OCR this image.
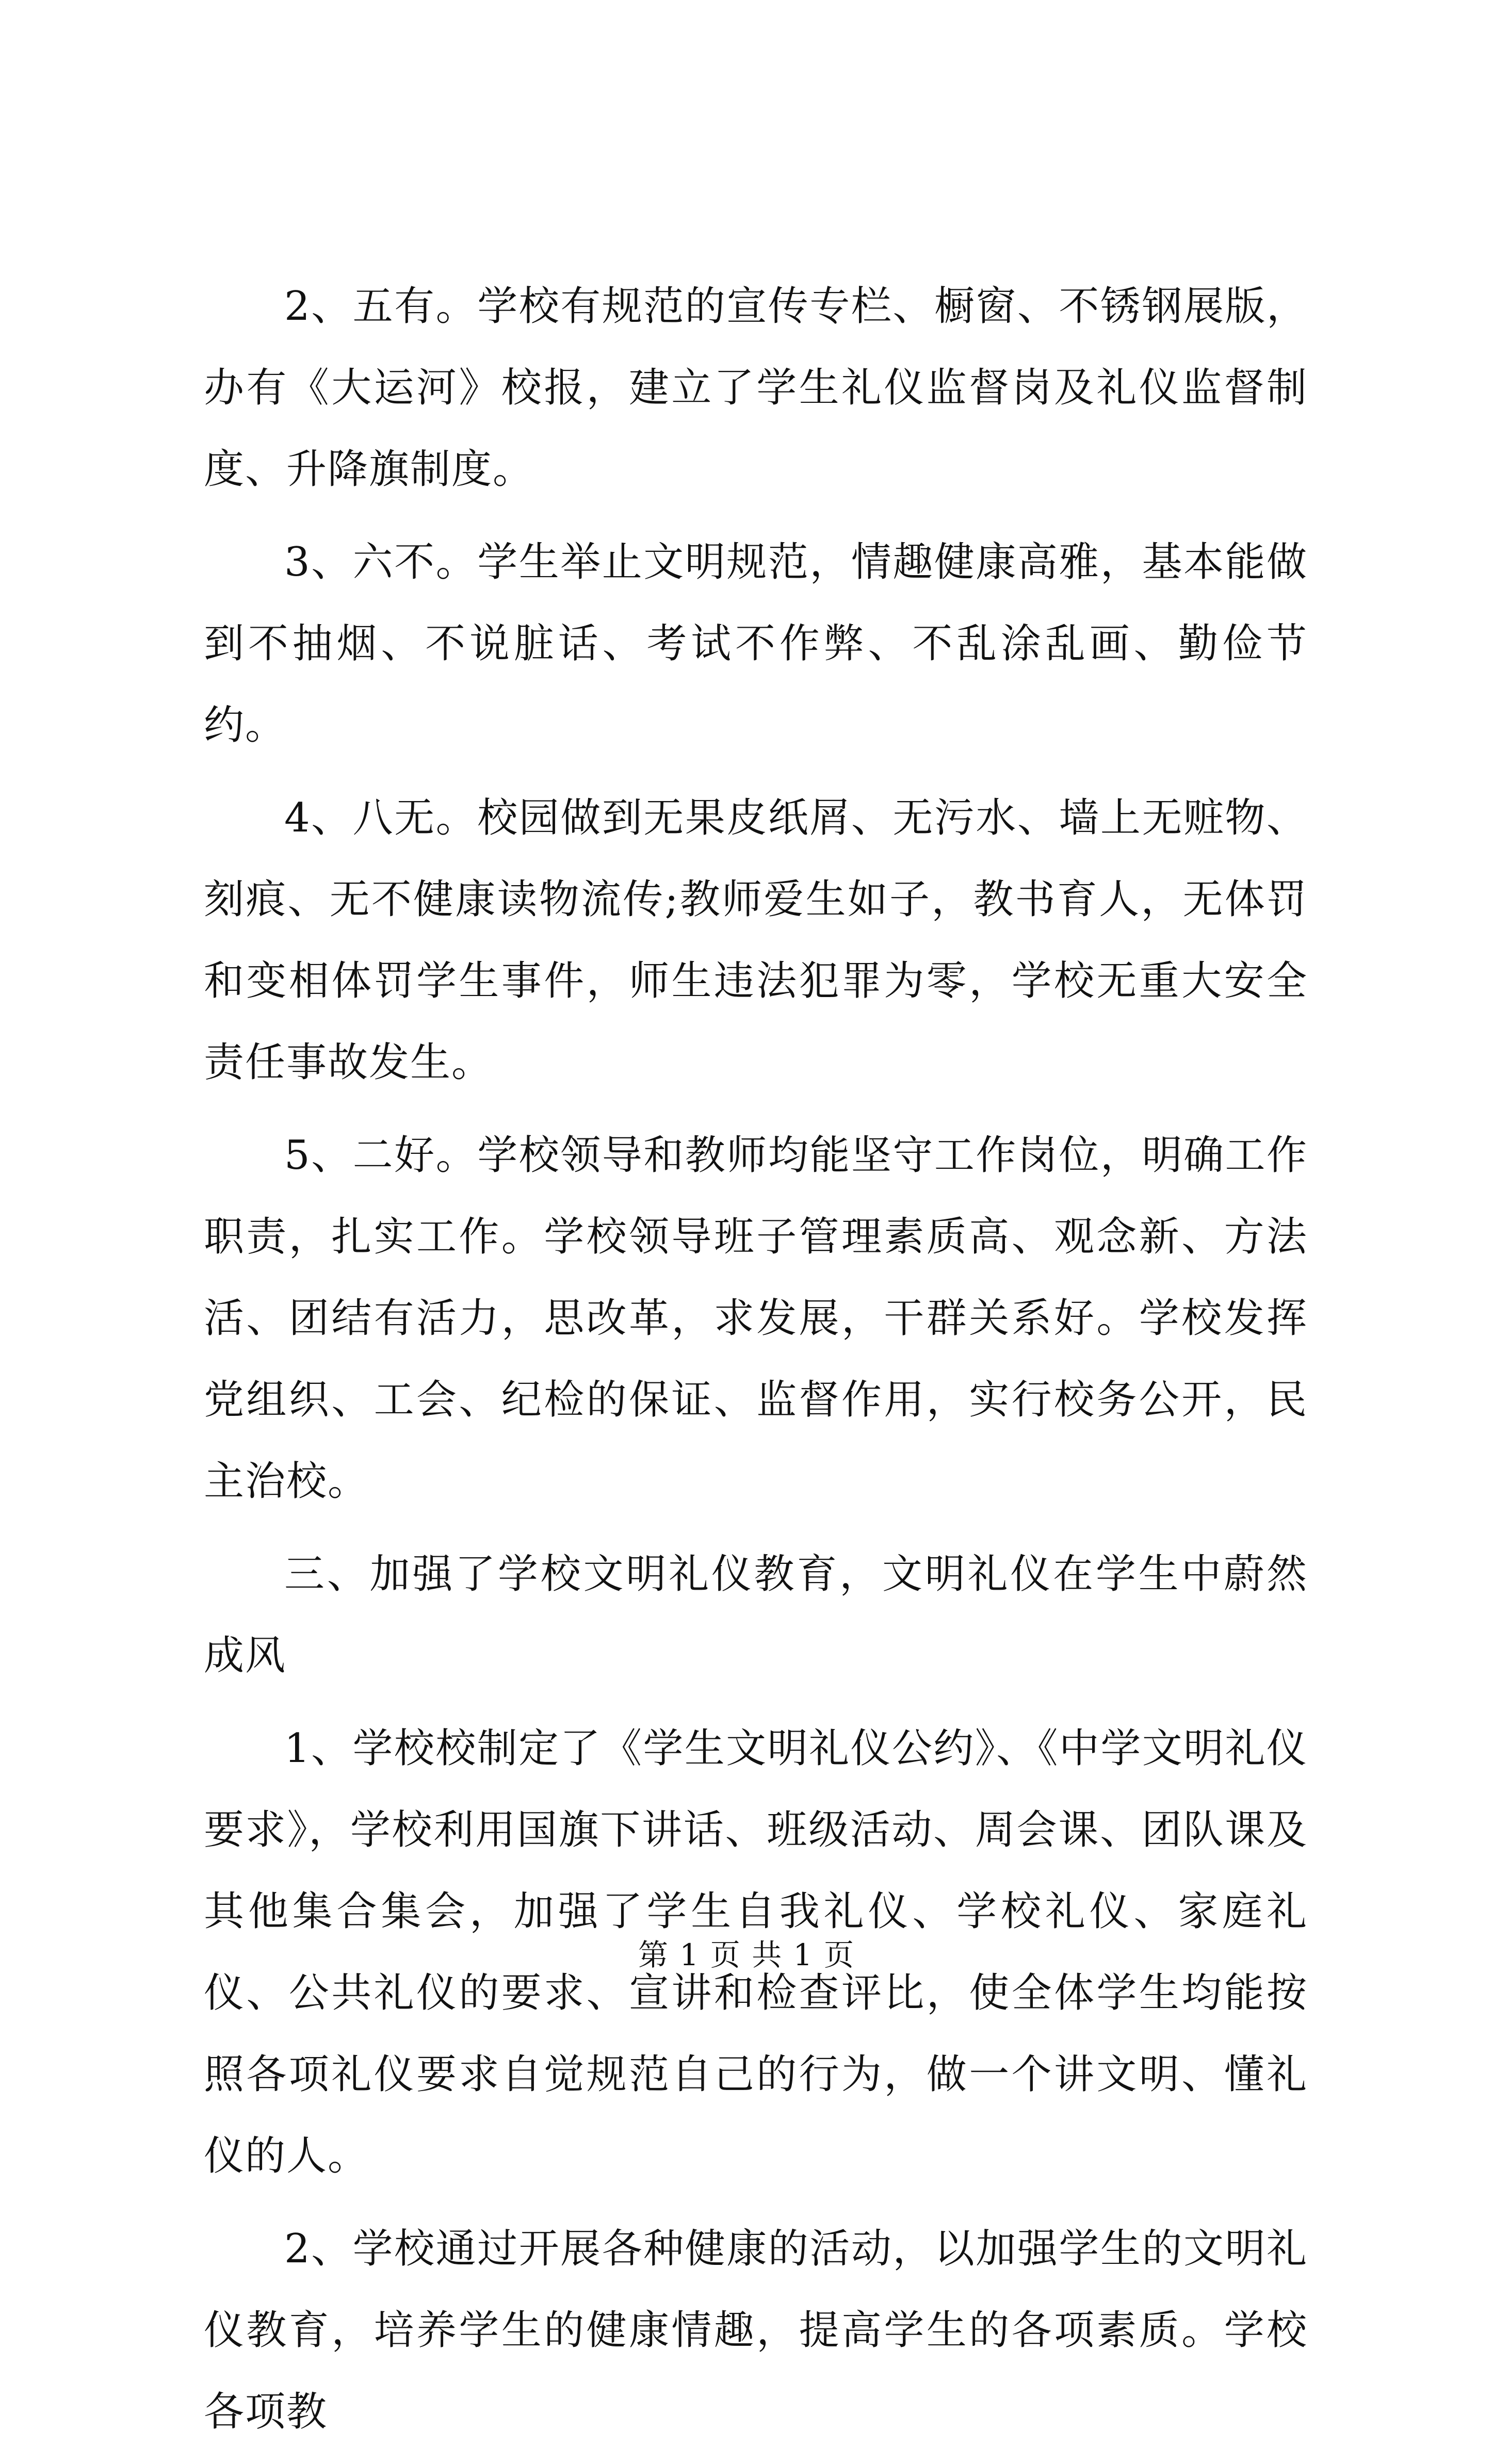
2、五有。学校有规范的宣传专栏、橱窗、不锈钢展版，办有《大运河》校报，建立了学生礼仪监督岗及礼仪监督制度、升降旗制度。

3、六不。学生举止文明规范，情趣健康高雅，基本能做到不抽烟、不说脏话、考试不作弊、不乱涂乱画、勤俭节约。

4、八无。校园做到无果皮纸屑、无污水、墙上无赃物、刻痕、无不健康读物流传;教师爱生如子，教书育人，无体罚和变相体罚学生事件，师生违法犯罪为零，学校无重大安全责任事故发生。

5、二好。学校领导和教师均能坚守工作岗位，明确工作职责，扎实工作。学校领导班子管理素质高、观念新、方法活、团结有活力，思改革，求发展，干群关系好。学校发挥党组织、工会、纪检的保证、监督作用，实行校务公开，民主治校。

三、加强了学校文明礼仪教育，文明礼仪在学生中蔚然成风

1、学校校制定了《学生文明礼仪公约》、《中学文明礼仪要求》，学校利用国旗下讲话、班级活动、周会课、团队课及其他集合集会，加强了学生自我礼仪、学校礼仪、家庭礼仪、公共礼仪的要求、宣讲和检查评比，使全体学生均能按照各项礼仪要求自觉规范自己的行为，做一个讲文明、懂礼仪的人。

2、学校通过开展各种健康的活动，以加强学生的文明礼仪教育，培养学生的健康情趣，提高学生的各项素质。学校各项教

第 1 页 共 1 页
